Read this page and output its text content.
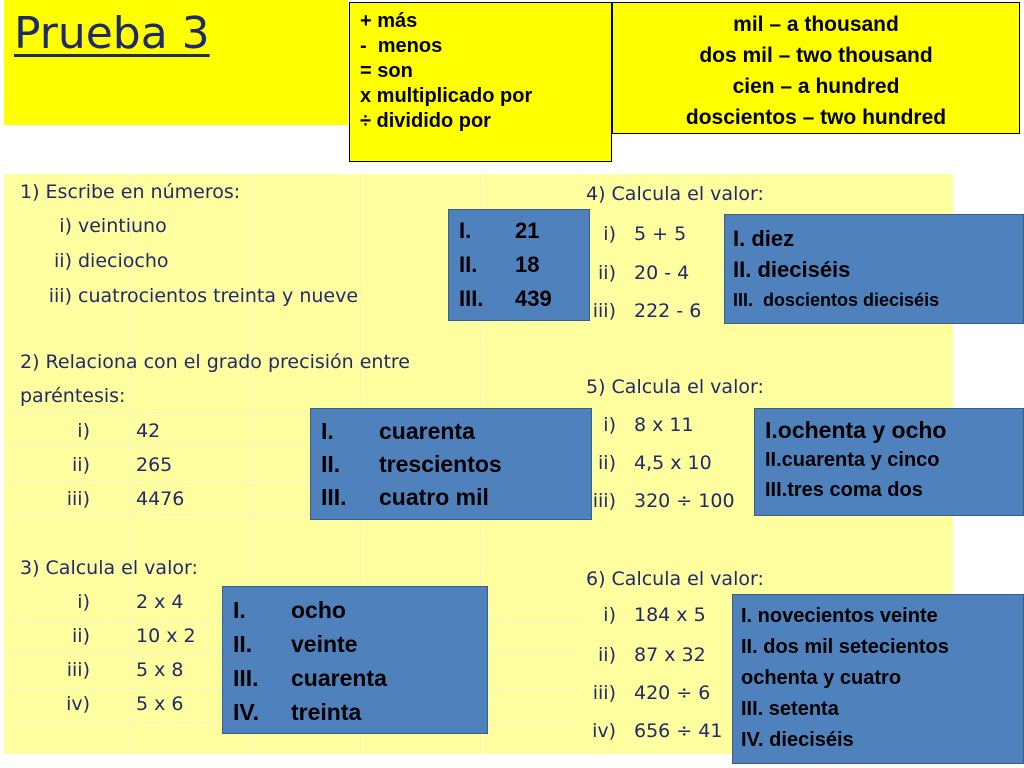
Prueba 3	+ más
-  menos
= son
x multiplicado por
÷ dividido por
mil – a thousand
dos mil – two thousand
cien – a hundred
doscientos – two hundred
1) Escribe en números:
i) veintiuno
ii) dieciocho
iii) cuatrocientos treinta y nueve
I.	21
II.	18
III.	439
2) Relaciona con el grado precisión entre
paréntesis:
i) 42
ii) 265
iii) 4476
I.	cuarenta
II.	trescientos
III.	cuatro mil
3) Calcula el valor:
i) 2 x 4
ii) 10 x 2
iii) 5 x 8
iv) 5 x 6
I.	ocho
II.	veinte
III.	cuarenta
IV.	treinta
4) Calcula el valor:
i) 5 + 5
ii) 20 - 4
iii) 222 - 6
I. diez
II. dieciséis
III.  doscientos dieciséis
5) Calcula el valor:
i) 8 x 11
ii) 4,5 x 10
iii) 320 ÷ 100
I.ochenta y ocho
II.cuarenta y cinco
III.tres coma dos
6) Calcula el valor:
i) 184 x 5
ii) 87 x 32
iii) 420 ÷ 6
iv) 656 ÷ 41
I. novecientos veinte
II. dos mil setecientos
ochenta y cuatro
III. setenta
IV. dieciséis
